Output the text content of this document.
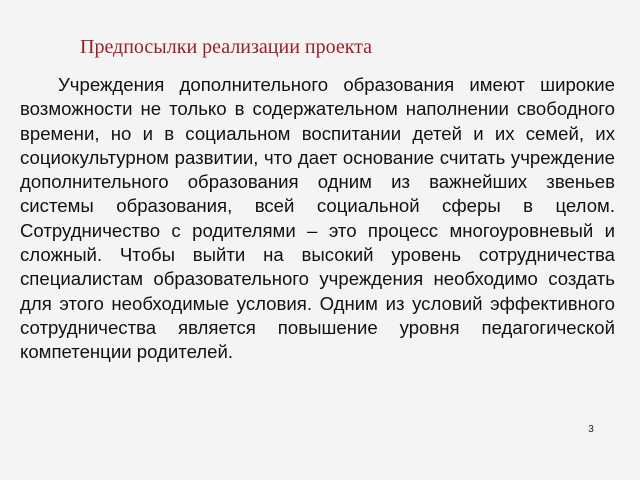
Предпосылки реализации проекта

Учреждения дополнительного образования имеют широкие возможности не только в содержательном наполнении свободного времени, но и в социальном воспитании детей и их семей, их социокультурном развитии, что дает основание считать учреждение дополнительного образования одним из важнейших звеньев системы образования, всей социальной сферы в целом. Сотрудничество с родителями – это процесс многоуровневый и сложный. Чтобы выйти на высокий уровень сотрудничества специалистам образовательного учреждения необходимо создать для этого необходимые условия. Одним из условий эффективного сотрудничества является повышение уровня педагогической компетенции родителей.

3
